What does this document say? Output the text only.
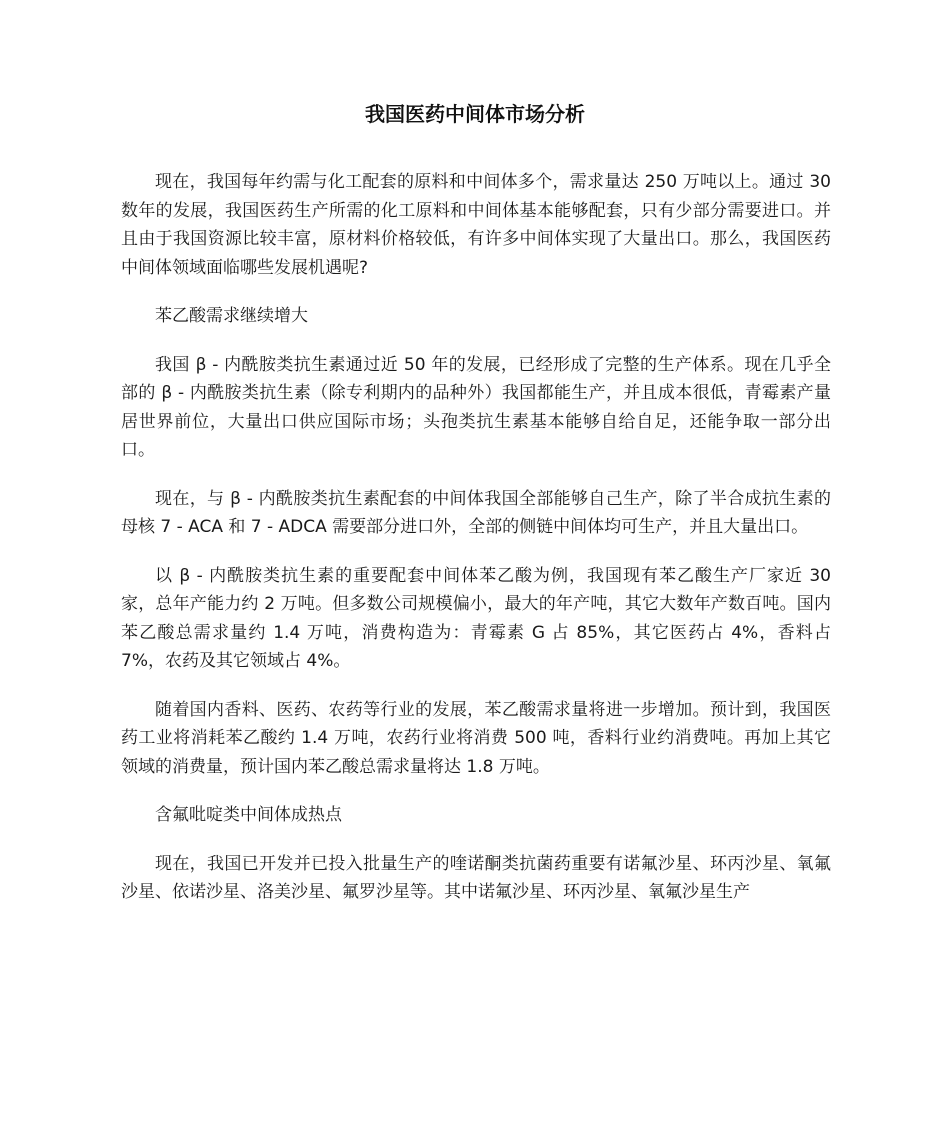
我国医药中间体市场分析

现在，我国每年约需与化工配套的原料和中间体多个，需求量达 250 万吨以上。通过 30 数年的发展，我国医药生产所需的化工原料和中间体基本能够配套，只有少部分需要进口。并且由于我国资源比较丰富，原材料价格较低，有许多中间体实现了大量出口。那么，我国医药中间体领域面临哪些发展机遇呢?

苯乙酸需求继续增大

我国 β - 内酰胺类抗生素通过近 50 年的发展，已经形成了完整的生产体系。现在几乎全部的 β - 内酰胺类抗生素（除专利期内的品种外）我国都能生产，并且成本很低，青霉素产量居世界前位，大量出口供应国际市场；头孢类抗生素基本能够自给自足，还能争取一部分出口。

现在，与 β - 内酰胺类抗生素配套的中间体我国全部能够自己生产，除了半合成抗生素的母核 7 - ACA 和 7 - ADCA 需要部分进口外，全部的侧链中间体均可生产，并且大量出口。

以 β - 内酰胺类抗生素的重要配套中间体苯乙酸为例，我国现有苯乙酸生产厂家近 30 家，总年产能力约 2 万吨。但多数公司规模偏小，最大的年产吨，其它大数年产数百吨。国内苯乙酸总需求量约 1.4 万吨，消费构造为：青霉素 G 占 85%，其它医药占 4%，香料占 7%，农药及其它领域占 4%。

随着国内香料、医药、农药等行业的发展，苯乙酸需求量将进一步增加。预计到，我国医药工业将消耗苯乙酸约 1.4 万吨，农药行业将消费 500 吨，香料行业约消费吨。再加上其它领域的消费量，预计国内苯乙酸总需求量将达 1.8 万吨。

含氟吡啶类中间体成热点

现在，我国已开发并已投入批量生产的喹诺酮类抗菌药重要有诺氟沙星、环丙沙星、氧氟沙星、依诺沙星、洛美沙星、氟罗沙星等。其中诺氟沙星、环丙沙星、氧氟沙星生产
